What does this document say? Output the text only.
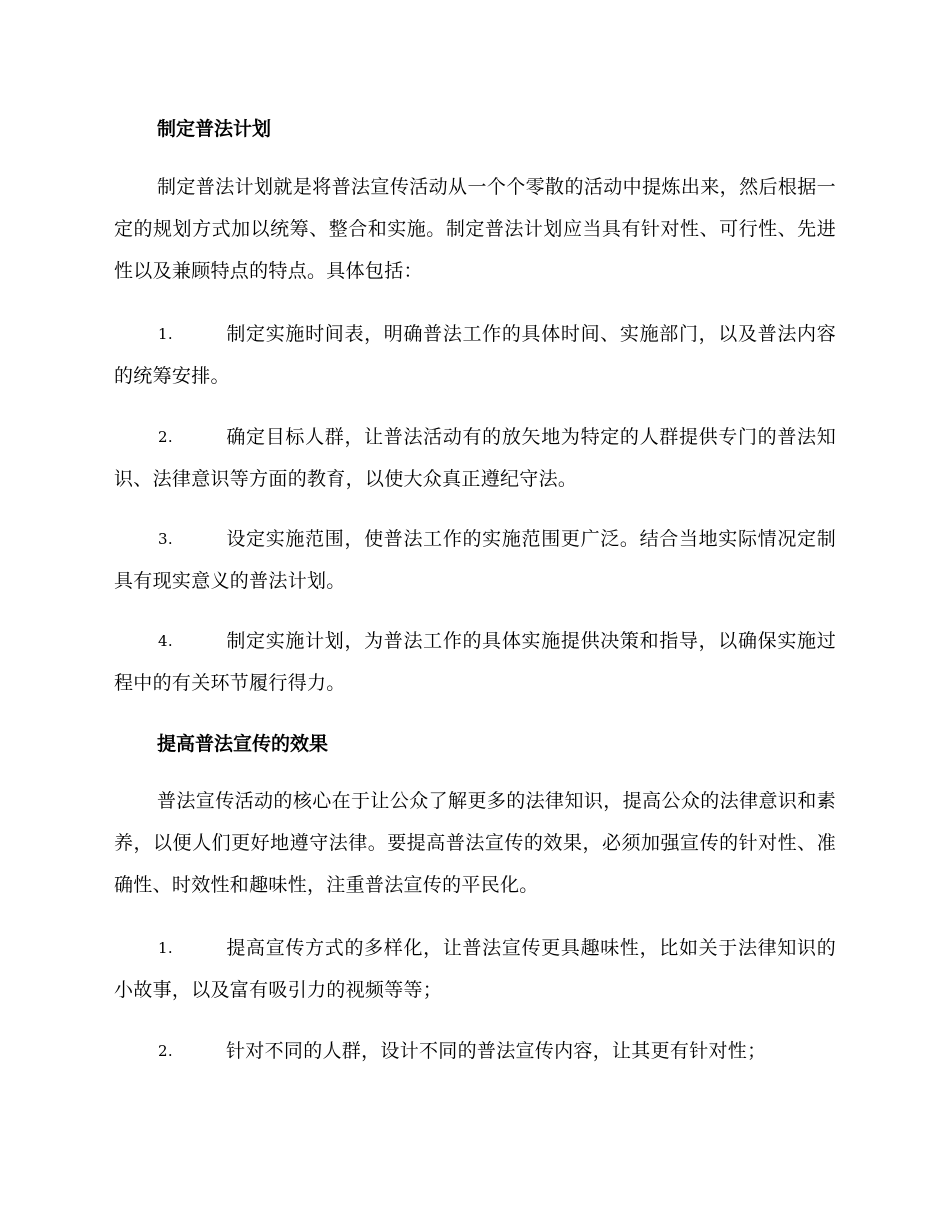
制定普法计划

制定普法计划就是将普法宣传活动从一个个零散的活动中提炼出来，然后根据一定的规划方式加以统筹、整合和实施。制定普法计划应当具有针对性、可行性、先进性以及兼顾特点的特点。具体包括：

1.	制定实施时间表，明确普法工作的具体时间、实施部门，以及普法内容的统筹安排。

2.	确定目标人群，让普法活动有的放矢地为特定的人群提供专门的普法知识、法律意识等方面的教育，以使大众真正遵纪守法。

3.	设定实施范围，使普法工作的实施范围更广泛。结合当地实际情况定制具有现实意义的普法计划。

4.	制定实施计划，为普法工作的具体实施提供决策和指导，以确保实施过程中的有关环节履行得力。

提高普法宣传的效果

普法宣传活动的核心在于让公众了解更多的法律知识，提高公众的法律意识和素养，以便人们更好地遵守法律。要提高普法宣传的效果，必须加强宣传的针对性、准确性、时效性和趣味性，注重普法宣传的平民化。

1.	提高宣传方式的多样化，让普法宣传更具趣味性，比如关于法律知识的小故事，以及富有吸引力的视频等等；

2.	针对不同的人群，设计不同的普法宣传内容，让其更有针对性；
